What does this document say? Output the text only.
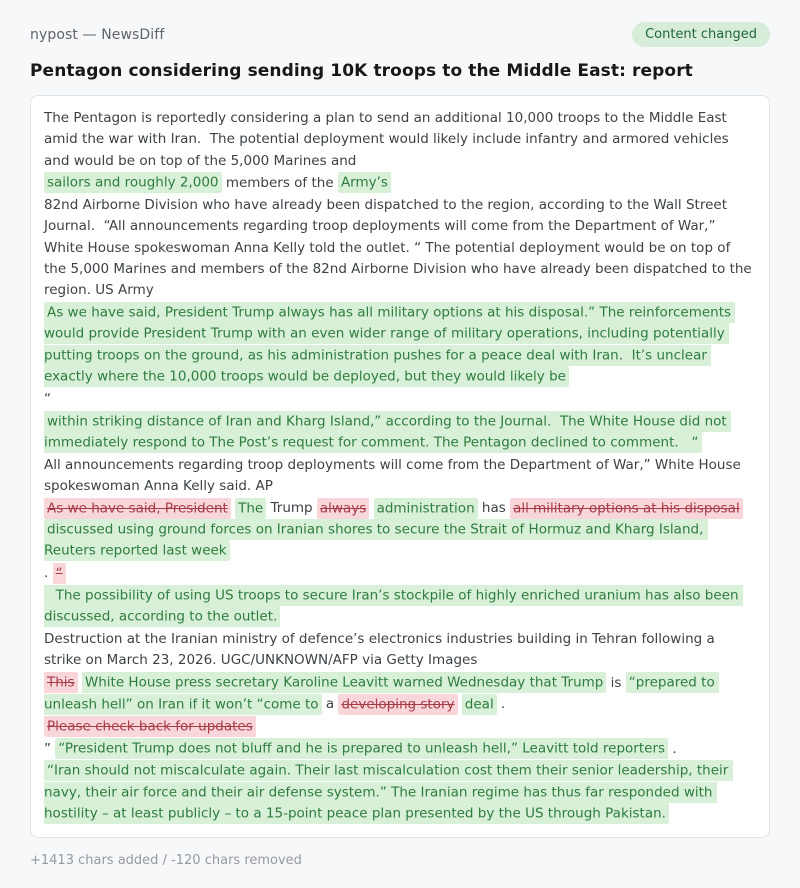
nypost — NewsDiff	Content changed
Pentagon considering sending 10K troops to the Middle East: report
The Pentagon is reportedly considering a plan to send an additional 10,000 troops to the Middle East amid the war with Iran.  The potential deployment would likely include infantry and armored vehicles and would be on top of the 5,000 Marines and
sailors and roughly 2,000 members of the Army’s
82nd Airborne Division who have already been dispatched to the region, according to the Wall Street Journal.  “All announcements regarding troop deployments will come from the Department of War,” White House spokeswoman Anna Kelly told the outlet. “ The potential deployment would be on top of the 5,000 Marines and members of the 82nd Airborne Division who have already been dispatched to the region. US Army
As we have said, President Trump always has all military options at his disposal.” The reinforcements would provide President Trump with an even wider range of military operations, including potentially putting troops on the ground, as his administration pushes for a peace deal with Iran.  It’s unclear exactly where the 10,000 troops would be deployed, but they would likely be
“
within striking distance of Iran and Kharg Island,” according to the Journal.  The White House did not immediately respond to The Post’s request for comment. The Pentagon declined to comment.   “
All announcements regarding troop deployments will come from the Department of War,” White House spokeswoman Anna Kelly said. AP
As we have said, President The Trump always administration has all military options at his disposal discussed using ground forces on Iranian shores to secure the Strait of Hormuz and Kharg Island, Reuters reported last week
. “
The possibility of using US troops to secure Iran’s stockpile of highly enriched uranium has also been discussed, according to the outlet.
Destruction at the Iranian ministry of defence’s electronics industries building in Tehran following a strike on March 23, 2026. UGC/UNKNOWN/AFP via Getty Images
This White House press secretary Karoline Leavitt warned Wednesday that Trump is “prepared to unleash hell” on Iran if it won’t “come to a developing story deal .
Please check back for updates
” “President Trump does not bluff and he is prepared to unleash hell,” Leavitt told reporters .
“Iran should not miscalculate again. Their last miscalculation cost them their senior leadership, their navy, their air force and their air defense system.” The Iranian regime has thus far responded with hostility – at least publicly – to a 15-point peace plan presented by the US through Pakistan.
+1413 chars added / -120 chars removed
